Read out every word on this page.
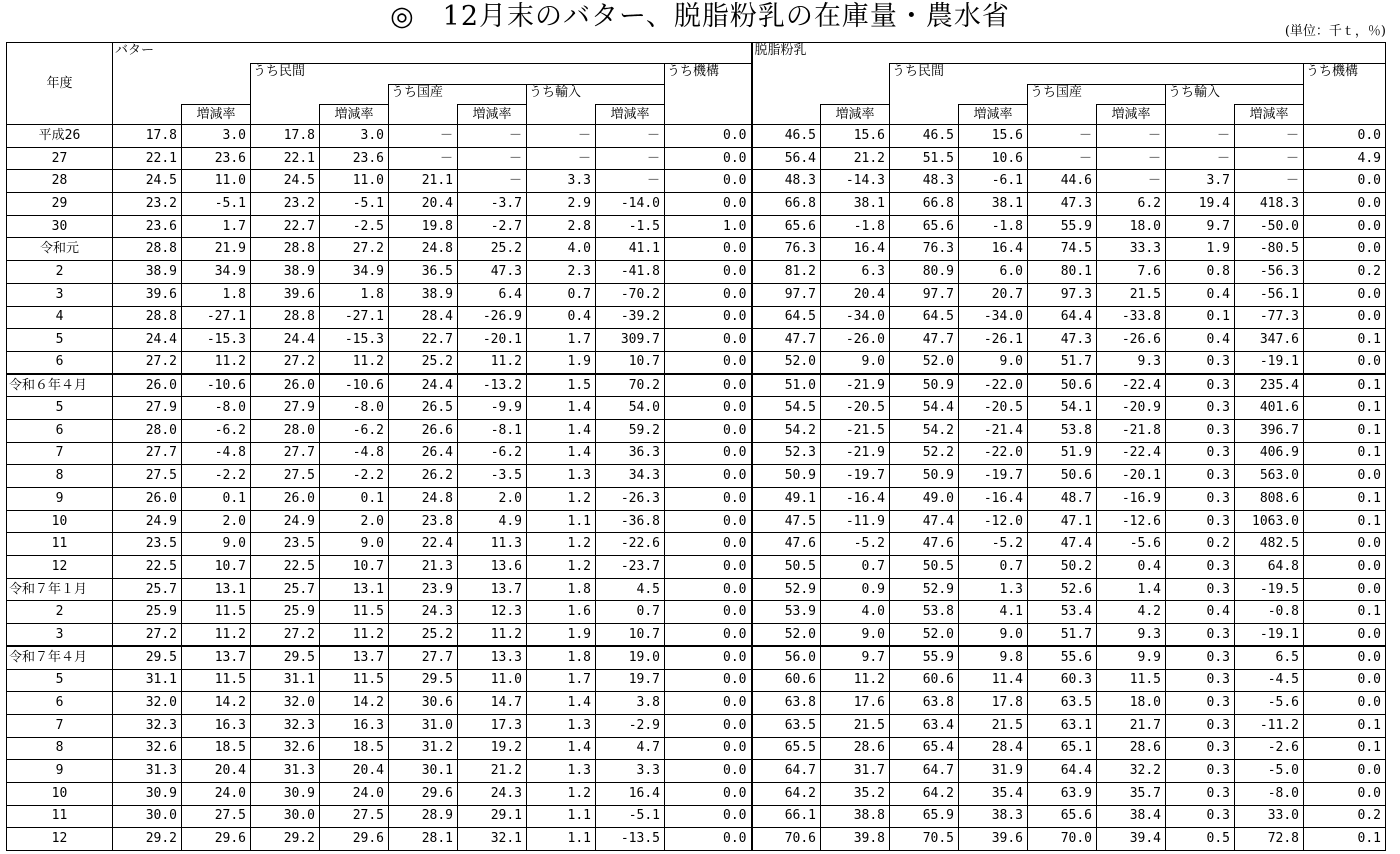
◎　12月末のバター、脱脂粉乳の在庫量・農水省	(単位：千ｔ，％)
年度	バター									脱脂粉乳								
			うち民間						うち機構			うち民間						うち機構
					うち国産		うち輸入							うち国産		うち輸入		
		増減率		増減率		増減率		増減率			増減率		増減率		増減率		増減率	
平成26	17.8	3.0	17.8	3.0	－	－	－	－	0.0	46.5	15.6	46.5	15.6	－	－	－	－	0.0
27	22.1	23.6	22.1	23.6	－	－	－	－	0.0	56.4	21.2	51.5	10.6	－	－	－	－	4.9
28	24.5	11.0	24.5	11.0	21.1	－	3.3	－	0.0	48.3	-14.3	48.3	-6.1	44.6	－	3.7	－	0.0
29	23.2	-5.1	23.2	-5.1	20.4	-3.7	2.9	-14.0	0.0	66.8	38.1	66.8	38.1	47.3	6.2	19.4	418.3	0.0
30	23.6	1.7	22.7	-2.5	19.8	-2.7	2.8	-1.5	1.0	65.6	-1.8	65.6	-1.8	55.9	18.0	9.7	-50.0	0.0
令和元	28.8	21.9	28.8	27.2	24.8	25.2	4.0	41.1	0.0	76.3	16.4	76.3	16.4	74.5	33.3	1.9	-80.5	0.0
2	38.9	34.9	38.9	34.9	36.5	47.3	2.3	-41.8	0.0	81.2	6.3	80.9	6.0	80.1	7.6	0.8	-56.3	0.2
3	39.6	1.8	39.6	1.8	38.9	6.4	0.7	-70.2	0.0	97.7	20.4	97.7	20.7	97.3	21.5	0.4	-56.1	0.0
4	28.8	-27.1	28.8	-27.1	28.4	-26.9	0.4	-39.2	0.0	64.5	-34.0	64.5	-34.0	64.4	-33.8	0.1	-77.3	0.0
5	24.4	-15.3	24.4	-15.3	22.7	-20.1	1.7	309.7	0.0	47.7	-26.0	47.7	-26.1	47.3	-26.6	0.4	347.6	0.1
6	27.2	11.2	27.2	11.2	25.2	11.2	1.9	10.7	0.0	52.0	9.0	52.0	9.0	51.7	9.3	0.3	-19.1	0.0
令和６年４月	26.0	-10.6	26.0	-10.6	24.4	-13.2	1.5	70.2	0.0	51.0	-21.9	50.9	-22.0	50.6	-22.4	0.3	235.4	0.1
5	27.9	-8.0	27.9	-8.0	26.5	-9.9	1.4	54.0	0.0	54.5	-20.5	54.4	-20.5	54.1	-20.9	0.3	401.6	0.1
6	28.0	-6.2	28.0	-6.2	26.6	-8.1	1.4	59.2	0.0	54.2	-21.5	54.2	-21.4	53.8	-21.8	0.3	396.7	0.1
7	27.7	-4.8	27.7	-4.8	26.4	-6.2	1.4	36.3	0.0	52.3	-21.9	52.2	-22.0	51.9	-22.4	0.3	406.9	0.1
8	27.5	-2.2	27.5	-2.2	26.2	-3.5	1.3	34.3	0.0	50.9	-19.7	50.9	-19.7	50.6	-20.1	0.3	563.0	0.0
9	26.0	0.1	26.0	0.1	24.8	2.0	1.2	-26.3	0.0	49.1	-16.4	49.0	-16.4	48.7	-16.9	0.3	808.6	0.1
10	24.9	2.0	24.9	2.0	23.8	4.9	1.1	-36.8	0.0	47.5	-11.9	47.4	-12.0	47.1	-12.6	0.3	1063.0	0.1
11	23.5	9.0	23.5	9.0	22.4	11.3	1.2	-22.6	0.0	47.6	-5.2	47.6	-5.2	47.4	-5.6	0.2	482.5	0.0
12	22.5	10.7	22.5	10.7	21.3	13.6	1.2	-23.7	0.0	50.5	0.7	50.5	0.7	50.2	0.4	0.3	64.8	0.0
令和７年１月	25.7	13.1	25.7	13.1	23.9	13.7	1.8	4.5	0.0	52.9	0.9	52.9	1.3	52.6	1.4	0.3	-19.5	0.0
2	25.9	11.5	25.9	11.5	24.3	12.3	1.6	0.7	0.0	53.9	4.0	53.8	4.1	53.4	4.2	0.4	-0.8	0.1
3	27.2	11.2	27.2	11.2	25.2	11.2	1.9	10.7	0.0	52.0	9.0	52.0	9.0	51.7	9.3	0.3	-19.1	0.0
令和７年４月	29.5	13.7	29.5	13.7	27.7	13.3	1.8	19.0	0.0	56.0	9.7	55.9	9.8	55.6	9.9	0.3	6.5	0.0
5	31.1	11.5	31.1	11.5	29.5	11.0	1.7	19.7	0.0	60.6	11.2	60.6	11.4	60.3	11.5	0.3	-4.5	0.0
6	32.0	14.2	32.0	14.2	30.6	14.7	1.4	3.8	0.0	63.8	17.6	63.8	17.8	63.5	18.0	0.3	-5.6	0.0
7	32.3	16.3	32.3	16.3	31.0	17.3	1.3	-2.9	0.0	63.5	21.5	63.4	21.5	63.1	21.7	0.3	-11.2	0.1
8	32.6	18.5	32.6	18.5	31.2	19.2	1.4	4.7	0.0	65.5	28.6	65.4	28.4	65.1	28.6	0.3	-2.6	0.1
9	31.3	20.4	31.3	20.4	30.1	21.2	1.3	3.3	0.0	64.7	31.7	64.7	31.9	64.4	32.2	0.3	-5.0	0.0
10	30.9	24.0	30.9	24.0	29.6	24.3	1.2	16.4	0.0	64.2	35.2	64.2	35.4	63.9	35.7	0.3	-8.0	0.0
11	30.0	27.5	30.0	27.5	28.9	29.1	1.1	-5.1	0.0	66.1	38.8	65.9	38.3	65.6	38.4	0.3	33.0	0.2
12	29.2	29.6	29.2	29.6	28.1	32.1	1.1	-13.5	0.0	70.6	39.8	70.5	39.6	70.0	39.4	0.5	72.8	0.1
